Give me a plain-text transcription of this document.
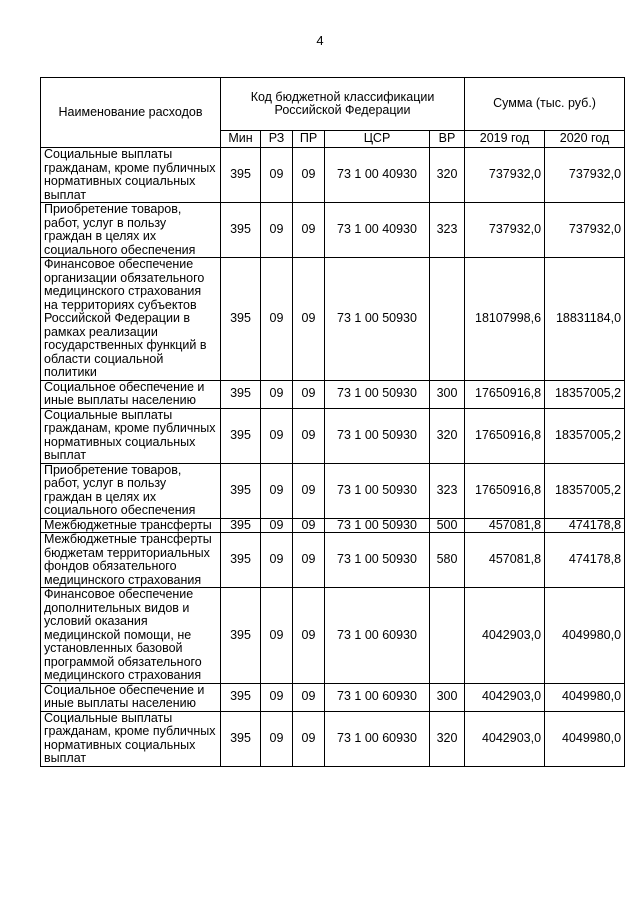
4
Наименование расходов	Код бюджетной классификации Российской Федерации					Сумма (тыс. руб.)	
	Мин	РЗ	ПР	ЦСР	ВР	2019 год	2020 год
Социальные выплаты гражданам, кроме публичных нормативных социальных выплат	395	09	09	73 1 00 40930	320	737932,0	737932,0
Приобретение товаров, работ, услуг в пользу граждан в целях их социального обеспечения	395	09	09	73 1 00 40930	323	737932,0	737932,0
Финансовое обеспечение организации обязательного медицинского страхования на территориях субъектов Российской Федерации в рамках реализации государственных функций в области социальной политики	395	09	09	73 1 00 50930		18107998,6	18831184,0
Социальное обеспечение и иные выплаты населению	395	09	09	73 1 00 50930	300	17650916,8	18357005,2
Социальные выплаты гражданам, кроме публичных нормативных социальных выплат	395	09	09	73 1 00 50930	320	17650916,8	18357005,2
Приобретение товаров, работ, услуг в пользу граждан в целях их социального обеспечения	395	09	09	73 1 00 50930	323	17650916,8	18357005,2
Межбюджетные трансферты	395	09	09	73 1 00 50930	500	457081,8	474178,8
Межбюджетные трансферты бюджетам территориальных фондов обязательного медицинского страхования	395	09	09	73 1 00 50930	580	457081,8	474178,8
Финансовое обеспечение дополнительных видов и условий оказания медицинской помощи, не установленных базовой программой обязательного медицинского страхования	395	09	09	73 1 00 60930		4042903,0	4049980,0
Социальное обеспечение и иные выплаты населению	395	09	09	73 1 00 60930	300	4042903,0	4049980,0
Социальные выплаты гражданам, кроме публичных нормативных социальных выплат	395	09	09	73 1 00 60930	320	4042903,0	4049980,0
